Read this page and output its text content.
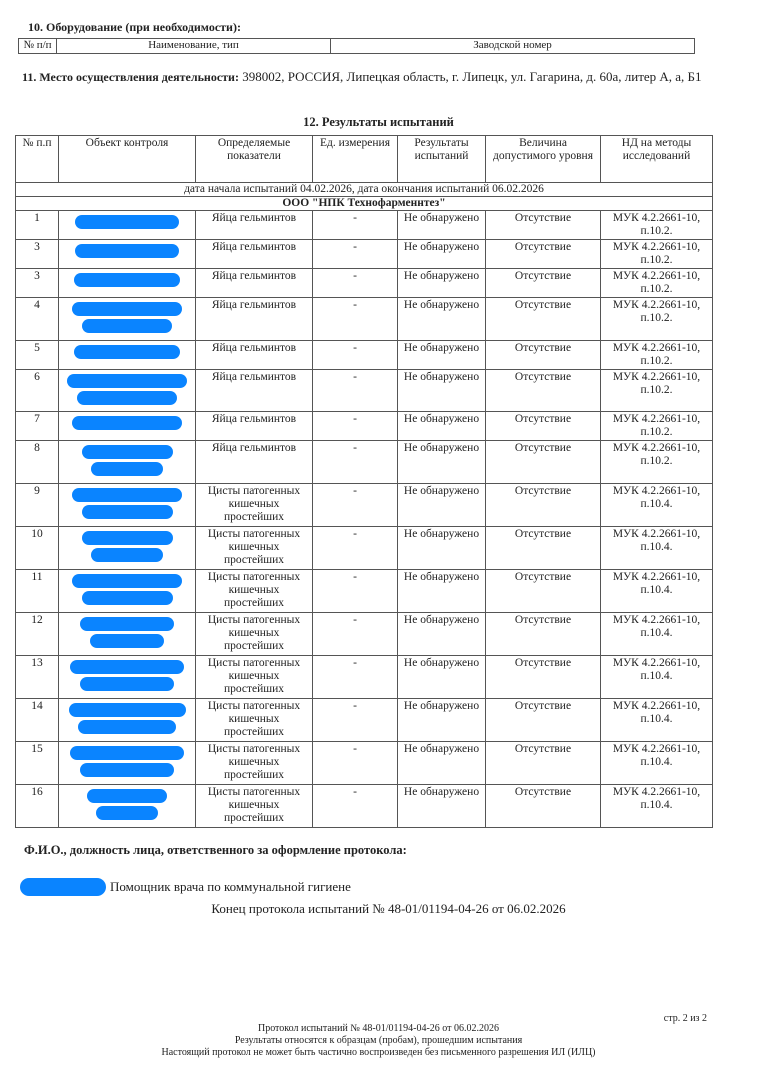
10. Оборудование (при необходимости):
№ п/п	Наименование, тип	Заводской номер
11. Место осуществления деятельности: 398002, РОССИЯ, Липецкая область, г. Липецк, ул. Гагарина, д. 60а, литер А, а, Б1
12. Результаты испытаний
№ п.п	Объект контроля	Определяемые показатели	Ед. измерения	Результаты испытаний	Величина допустимого уровня	НД на методы исследований
дата начала испытаний 04.02.2026, дата окончания испытаний 06.02.2026						
ООО "НПК Технофарменнтез"						
1		Яйца гельминтов	-	Не обнаружено	Отсутствие	МУК 4.2.2661-10, п.10.2.
3		Яйца гельминтов	-	Не обнаружено	Отсутствие	МУК 4.2.2661-10, п.10.2.
3		Яйца гельминтов	-	Не обнаружено	Отсутствие	МУК 4.2.2661-10, п.10.2.
4		Яйца гельминтов	-	Не обнаружено	Отсутствие	МУК 4.2.2661-10, п.10.2.
5		Яйца гельминтов	-	Не обнаружено	Отсутствие	МУК 4.2.2661-10, п.10.2.
6		Яйца гельминтов	-	Не обнаружено	Отсутствие	МУК 4.2.2661-10, п.10.2.
7		Яйца гельминтов	-	Не обнаружено	Отсутствие	МУК 4.2.2661-10, п.10.2.
8		Яйца гельминтов	-	Не обнаружено	Отсутствие	МУК 4.2.2661-10, п.10.2.
9		Цисты патогенных кишечных простейших	-	Не обнаружено	Отсутствие	МУК 4.2.2661-10, п.10.4.
10		Цисты патогенных кишечных простейших	-	Не обнаружено	Отсутствие	МУК 4.2.2661-10, п.10.4.
11		Цисты патогенных кишечных простейших	-	Не обнаружено	Отсутствие	МУК 4.2.2661-10, п.10.4.
12		Цисты патогенных кишечных простейших	-	Не обнаружено	Отсутствие	МУК 4.2.2661-10, п.10.4.
13		Цисты патогенных кишечных простейших	-	Не обнаружено	Отсутствие	МУК 4.2.2661-10, п.10.4.
14		Цисты патогенных кишечных простейших	-	Не обнаружено	Отсутствие	МУК 4.2.2661-10, п.10.4.
15		Цисты патогенных кишечных простейших	-	Не обнаружено	Отсутствие	МУК 4.2.2661-10, п.10.4.
16		Цисты патогенных кишечных простейших	-	Не обнаружено	Отсутствие	МУК 4.2.2661-10, п.10.4.
Ф.И.О., должность лица, ответственного за оформление протокола:
Помощник врача по коммунальной гигиене
Конец протокола испытаний № 48-01/01194-04-26 от 06.02.2026
стр. 2 из 2
Протокол испытаний № 48-01/01194-04-26 от 06.02.2026
Результаты относятся к образцам (пробам), прошедшим испытания
Настоящий протокол не может быть частично воспроизведен без письменного разрешения ИЛ (ИЛЦ)
